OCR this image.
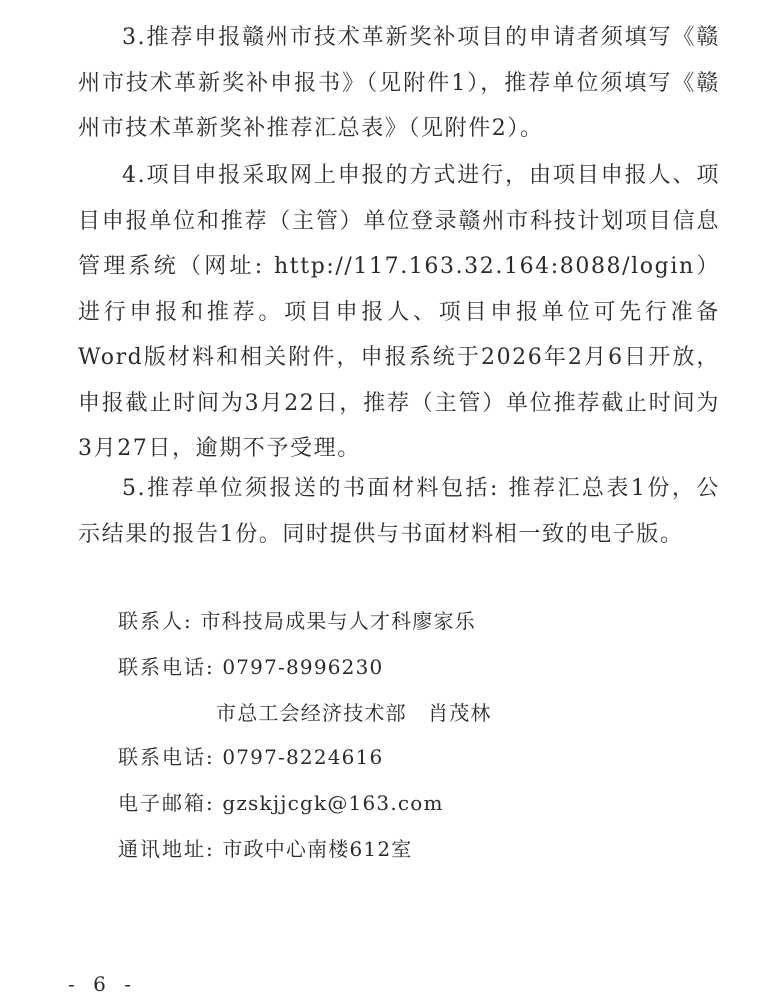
3.推荐申报赣州市技术革新奖补项目的申请者须填写《赣州市技术革新奖补申报书》（见附件1），推荐单位须填写《赣州市技术革新奖补推荐汇总表》（见附件2）。

4.项目申报采取网上申报的方式进行，由项目申报人、项目申报单位和推荐（主管）单位登录赣州市科技计划项目信息管理系统（网址: http://117.163.32.164:8088/login）进行申报和推荐。项目申报人、项目申报单位可先行准备Word版材料和相关附件，申报系统于2026年2月6日开放，申报截止时间为3月22日，推荐（主管）单位推荐截止时间为3月27日，逾期不予受理。

5.推荐单位须报送的书面材料包括: 推荐汇总表1份，公示结果的报告1份。同时提供与书面材料相一致的电子版。

联系人: 市科技局成果与人才科廖家乐
联系电话: 0797-8996230
市总工会经济技术部　肖茂林
联系电话: 0797-8224616
电子邮箱: gzskjjcgk@163.com
通讯地址: 市政中心南楼612室
- 6 -
